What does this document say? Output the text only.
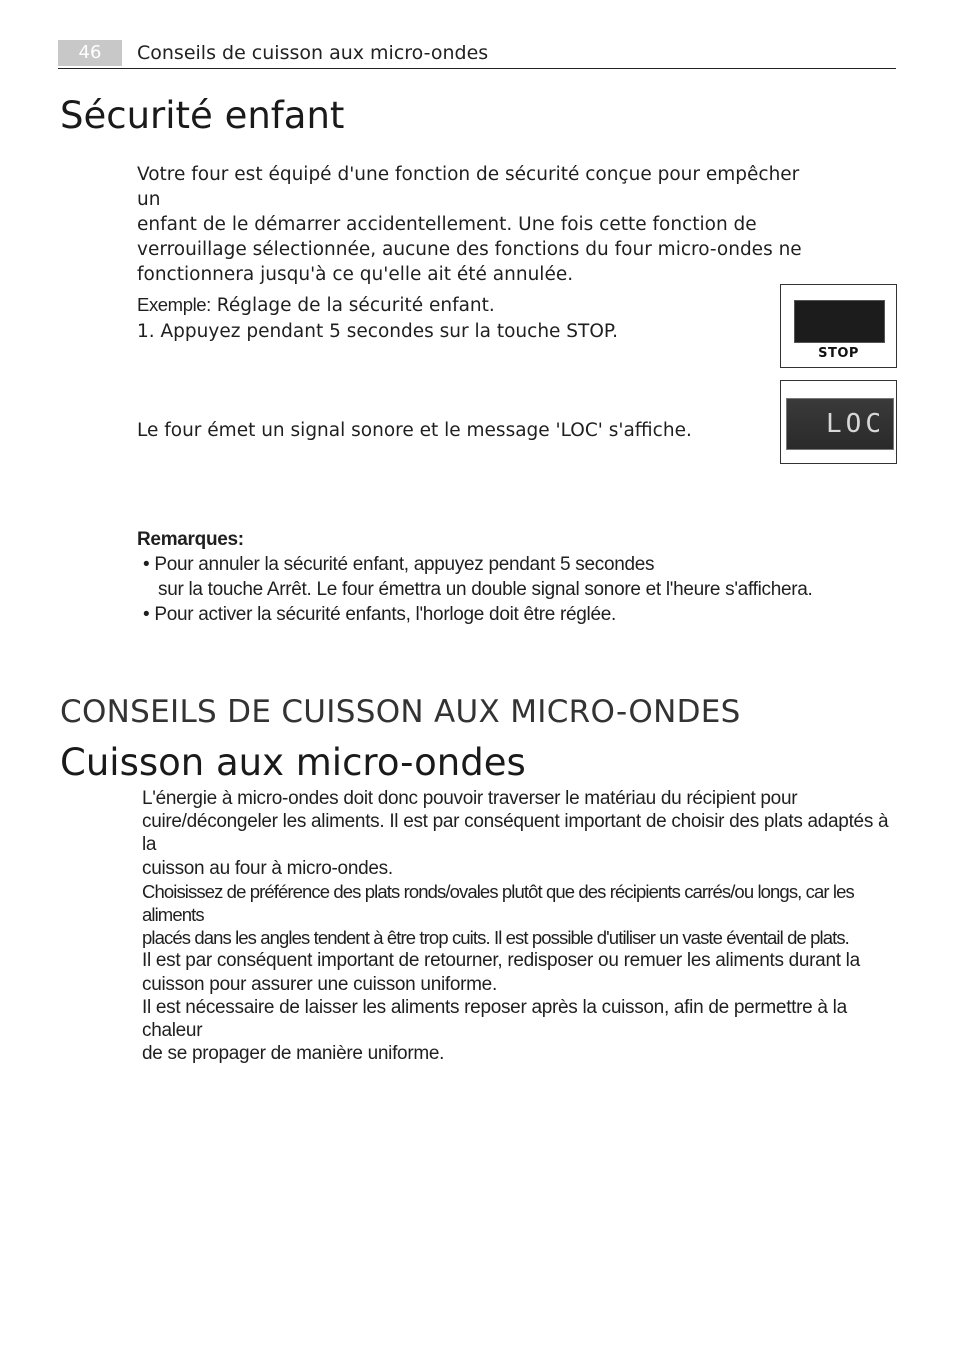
46	Conseils de cuisson aux micro-ondes
Sécurité enfant
Votre four est équipé d'une fonction de sécurité conçue pour empêcher un
enfant de le démarrer accidentellement. Une fois cette fonction de
verrouillage sélectionnée, aucune des fonctions du four micro-ondes ne
fonctionnera jusqu'à ce qu'elle ait été annulée.
Exemple: Réglage de la sécurité enfant.
1. Appuyez pendant 5 secondes sur la touche STOP.
STOP
Le four émet un signal sonore et le message 'LOC' s'affiche.	LOC
Remarques:
• Pour annuler la sécurité enfant, appuyez pendant 5 secondes
sur la touche Arrêt. Le four émettra un double signal sonore et l'heure s'affichera.
• Pour activer la sécurité enfants, l'horloge doit être réglée.
CONSEILS DE CUISSON AUX MICRO-ONDES
Cuisson aux micro-ondes
L'énergie à micro-ondes doit donc pouvoir traverser le matériau du récipient pour
cuire/décongeler les aliments. Il est par conséquent important de choisir des plats adaptés à la
cuisson au four à micro-ondes.
Choisissez de préférence des plats ronds/ovales plutôt que des récipients carrés/ou longs, car les aliments
placés dans les angles tendent à être trop cuits. Il est possible d'utiliser un vaste éventail de plats.
Il est par conséquent important de retourner, redisposer ou remuer les aliments durant la
cuisson pour assurer une cuisson uniforme.
Il est nécessaire de laisser les aliments reposer après la cuisson, afin de permettre à la chaleur
de se propager de manière uniforme.
